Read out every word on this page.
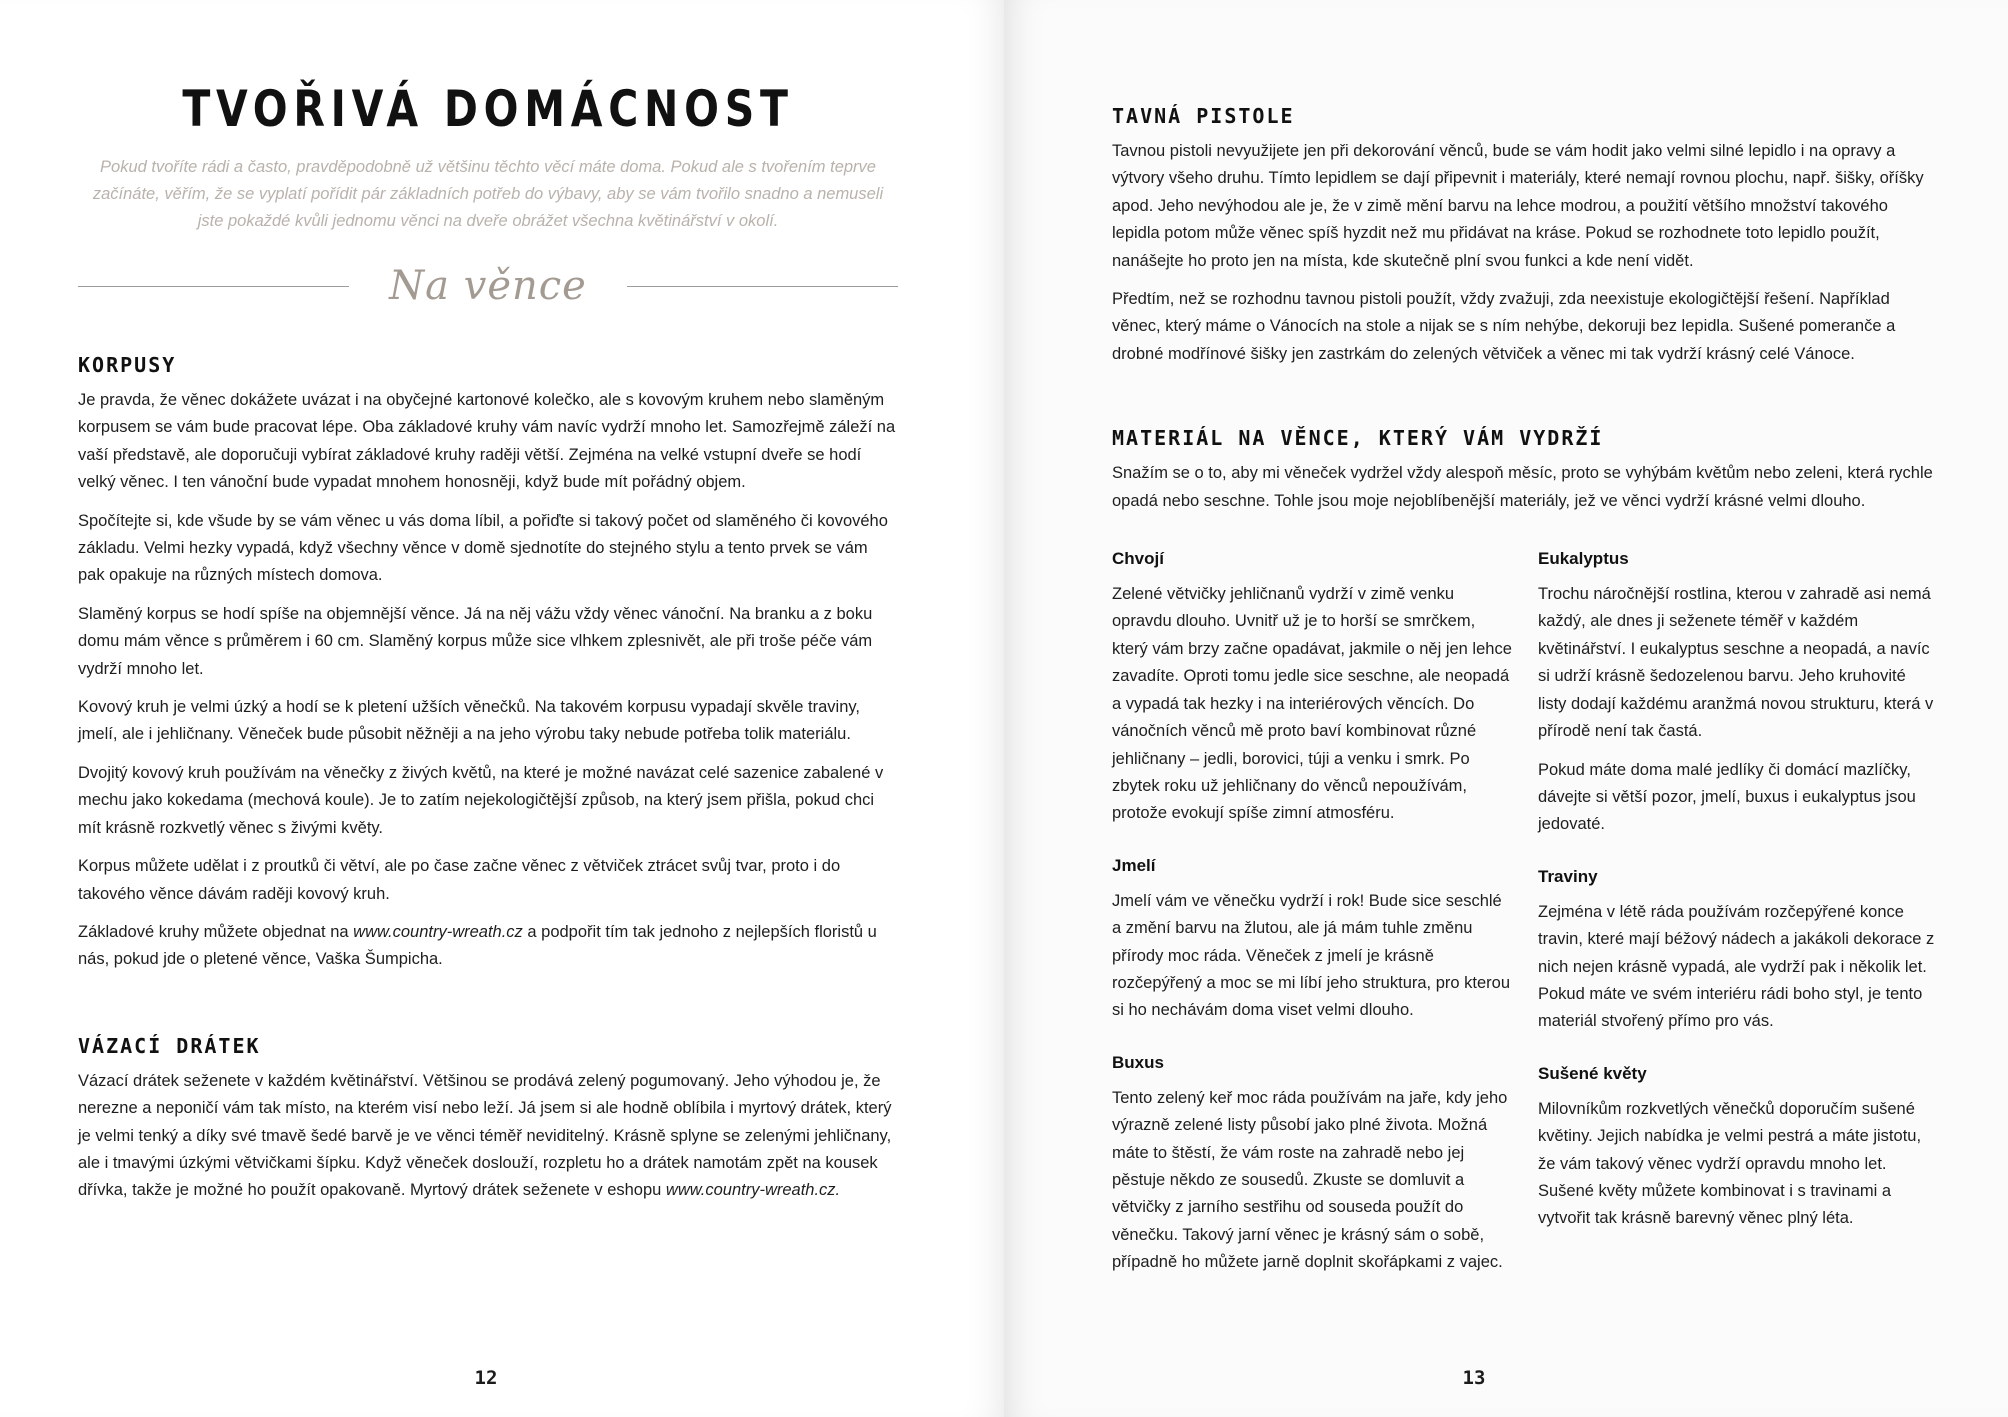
TVOŘIVÁ DOMÁCNOST

Pokud tvoříte rádi a často, pravděpodobně už většinu těchto věcí máte doma. Pokud ale s tvořením teprve začínáte, věřím, že se vyplatí pořídit pár základních potřeb do výbavy, aby se vám tvořilo snadno a nemuseli jste pokaždé kvůli jednomu věnci na dveře obrážet všechna květinářství v okolí.

Na věnce
KORPUSY

Je pravda, že věnec dokážete uvázat i na obyčejné kartonové kolečko, ale s kovovým kruhem nebo slaměným korpusem se vám bude pracovat lépe. Oba základové kruhy vám navíc vydrží mnoho let. Samozřejmě záleží na vaší představě, ale doporučuji vybírat základové kruhy raději větší. Zejména na velké vstupní dveře se hodí velký věnec. I ten vánoční bude vypadat mnohem honosněji, když bude mít pořádný objem.

Spočítejte si, kde všude by se vám věnec u vás doma líbil, a pořiďte si takový počet od slaměného či kovového základu. Velmi hezky vypadá, když všechny věnce v domě sjednotíte do stejného stylu a tento prvek se vám pak opakuje na různých místech domova.

Slaměný korpus se hodí spíše na objemnější věnce. Já na něj vážu vždy věnec vánoční. Na branku a z boku domu mám věnce s průměrem i 60 cm. Slaměný korpus může sice vlhkem zplesnivět, ale při troše péče vám vydrží mnoho let.

Kovový kruh je velmi úzký a hodí se k pletení užších věnečků. Na takovém korpusu vypadají skvěle traviny, jmelí, ale i jehličnany. Věneček bude působit něžněji a na jeho výrobu taky nebude potřeba tolik materiálu.

Dvojitý kovový kruh používám na věnečky z živých květů, na které je možné navázat celé sazenice zabalené v mechu jako kokedama (mechová koule). Je to zatím nejekologičtější způsob, na který jsem přišla, pokud chci mít krásně rozkvetlý věnec s živými květy.

Korpus můžete udělat i z proutků či větví, ale po čase začne věnec z větviček ztrácet svůj tvar, proto i do takového věnce dávám raději kovový kruh.

Základové kruhy můžete objednat na www.country-wreath.cz a podpořit tím tak jednoho z nejlepších floristů u nás, pokud jde o pletené věnce, Vaška Šumpicha.

VÁZACÍ DRÁTEK

Vázací drátek seženete v každém květinářství. Většinou se prodává zelený pogumovaný. Jeho výhodou je, že nerezne a neponičí vám tak místo, na kterém visí nebo leží. Já jsem si ale hodně oblíbila i myrtový drátek, který je velmi tenký a díky své tmavě šedé barvě je ve věnci téměř neviditelný. Krásně splyne se zelenými jehličnany, ale i tmavými úzkými větvičkami šípku. Když věneček doslouží, rozpletu ho a drátek namotám zpět na kousek dřívka, takže je možné ho použít opakovaně. Myrtový drátek seženete v eshopu www.country-wreath.cz.

12
TAVNÁ PISTOLE

Tavnou pistoli nevyužijete jen při dekorování věnců, bude se vám hodit jako velmi silné lepidlo i na opravy a výtvory všeho druhu. Tímto lepidlem se dají připevnit i materiály, které nemají rovnou plochu, např. šišky, oříšky apod. Jeho nevýhodou ale je, že v zimě mění barvu na lehce modrou, a použití většího množství takového lepidla potom může věnec spíš hyzdit než mu přidávat na kráse. Pokud se rozhodnete toto lepidlo použít, nanášejte ho proto jen na místa, kde skutečně plní svou funkci a kde není vidět.

Předtím, než se rozhodnu tavnou pistoli použít, vždy zvažuji, zda neexistuje ekologičtější řešení. Například věnec, který máme o Vánocích na stole a nijak se s ním nehýbe, dekoruji bez lepidla. Sušené pomeranče a drobné modřínové šišky jen zastrkám do zelených větviček a věnec mi tak vydrží krásný celé Vánoce.

MATERIÁL NA VĚNCE, KTERÝ VÁM VYDRŽÍ

Snažím se o to, aby mi věneček vydržel vždy alespoň měsíc, proto se vyhýbám květům nebo zeleni, která rychle opadá nebo seschne. Tohle jsou moje nejoblíbenější materiály, jež ve věnci vydrží krásné velmi dlouho.

Chvojí

Zelené větvičky jehličnanů vydrží v zimě venku opravdu dlouho. Uvnitř už je to horší se smrčkem, který vám brzy začne opadávat, jakmile o něj jen lehce zavadíte. Oproti tomu jedle sice seschne, ale neopadá a vypadá tak hezky i na interiérových věncích. Do vánočních věnců mě proto baví kombinovat různé jehličnany – jedli, borovici, túji a venku i smrk. Po zbytek roku už jehličnany do věnců nepoužívám, protože evokují spíše zimní atmosféru.

Jmelí

Jmelí vám ve věnečku vydrží i rok! Bude sice seschlé a změní barvu na žlutou, ale já mám tuhle změnu přírody moc ráda. Věneček z jmelí je krásně rozčepýřený a moc se mi líbí jeho struktura, pro kterou si ho nechávám doma viset velmi dlouho.

Buxus

Tento zelený keř moc ráda používám na jaře, kdy jeho výrazně zelené listy působí jako plné života. Možná máte to štěstí, že vám roste na zahradě nebo jej pěstuje někdo ze sousedů. Zkuste se domluvit a větvičky z jarního sestřihu od souseda použít do věnečku. Takový jarní věnec je krásný sám o sobě, případně ho můžete jarně doplnit skořápkami z vajec.

Eukalyptus

Trochu náročnější rostlina, kterou v zahradě asi nemá každý, ale dnes ji seženete téměř v každém květinářství. I eukalyptus seschne a neopadá, a navíc si udrží krásně šedozelenou barvu. Jeho kruhovité listy dodají každému aranžmá novou strukturu, která v přírodě není tak častá.

Pokud máte doma malé jedlíky či domácí mazlíčky, dávejte si větší pozor, jmelí, buxus i eukalyptus jsou jedovaté.

Traviny

Zejména v létě ráda používám rozčepýřené konce travin, které mají béžový nádech a jakákoli dekorace z nich nejen krásně vypadá, ale vydrží pak i několik let. Pokud máte ve svém interiéru rádi boho styl, je tento materiál stvořený přímo pro vás.

Sušené květy

Milovníkům rozkvetlých věnečků doporučím sušené květiny. Jejich nabídka je velmi pestrá a máte jistotu, že vám takový věnec vydrží opravdu mnoho let. Sušené květy můžete kombinovat i s travinami a vytvořit tak krásně barevný věnec plný léta.

13
